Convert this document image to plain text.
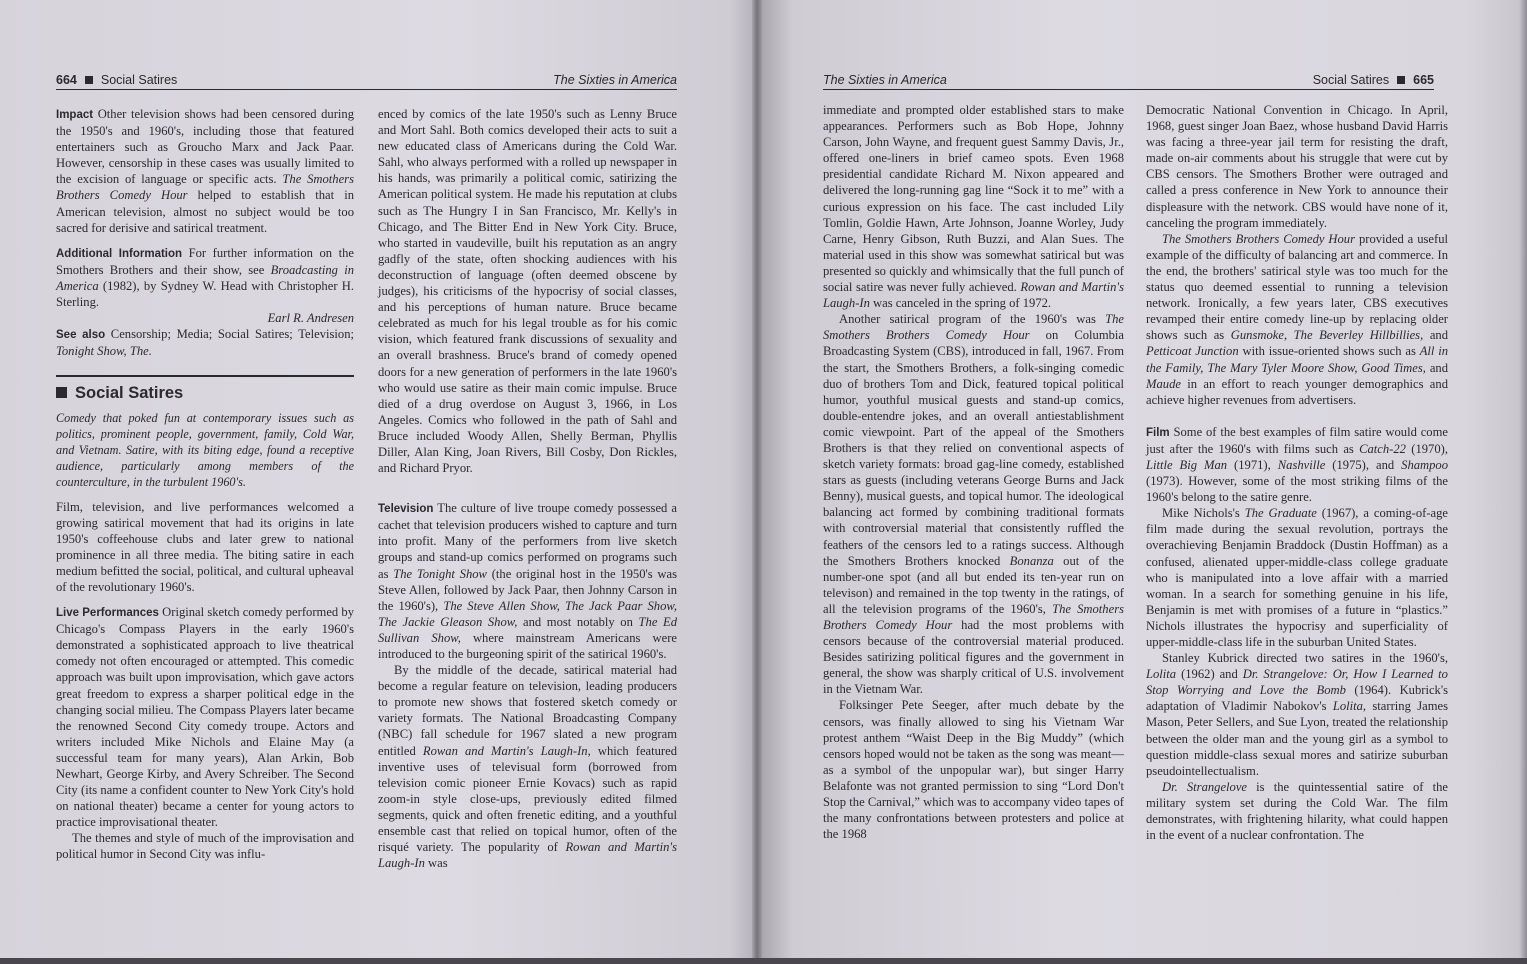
664 Social Satires	The Sixties in America

Impact Other television shows had been censored during the 1950's and 1960's, including those that featured entertainers such as Groucho Marx and Jack Paar. However, censorship in these cases was usually limited to the excision of language or specific acts. The Smothers Brothers Comedy Hour helped to establish that in American television, almost no subject would be too sacred for derisive and satirical treatment.

Additional Information For further information on the Smothers Brothers and their show, see Broadcasting in America (1982), by Sydney W. Head with Christopher H. Sterling.

Earl R. Andresen

See also Censorship; Media; Social Satires; Television; Tonight Show, The.

Social Satires

Comedy that poked fun at contemporary issues such as politics, prominent people, government, family, Cold War, and Vietnam. Satire, with its biting edge, found a receptive audience, particularly among members of the counterculture, in the turbulent 1960's.

Film, television, and live performances welcomed a growing satirical movement that had its origins in late 1950's coffeehouse clubs and later grew to national prominence in all three media. The biting satire in each medium befitted the social, political, and cultural upheaval of the revolutionary 1960's.

Live Performances Original sketch comedy performed by Chicago's Compass Players in the early 1960's demonstrated a sophisticated approach to live theatrical comedy not often encouraged or attempted. This comedic approach was built upon improvisation, which gave actors great freedom to express a sharper political edge in the changing social milieu. The Compass Players later became the renowned Second City comedy troupe. Actors and writers included Mike Nichols and Elaine May (a successful team for many years), Alan Arkin, Bob Newhart, George Kirby, and Avery Schreiber. The Second City (its name a confident counter to New York City's hold on national theater) became a center for young actors to practice improvisational theater.

The themes and style of much of the improvisation and political humor in Second City was influ-

enced by comics of the late 1950's such as Lenny Bruce and Mort Sahl. Both comics developed their acts to suit a new educated class of Americans during the Cold War. Sahl, who always performed with a rolled up newspaper in his hands, was primarily a political comic, satirizing the American political system. He made his reputation at clubs such as The Hungry I in San Francisco, Mr. Kelly's in Chicago, and The Bitter End in New York City. Bruce, who started in vaudeville, built his reputation as an angry gadfly of the state, often shocking audiences with his deconstruction of language (often deemed obscene by judges), his criticisms of the hypocrisy of social classes, and his perceptions of human nature. Bruce became celebrated as much for his legal trouble as for his comic vision, which featured frank discussions of sexuality and an overall brashness. Bruce's brand of comedy opened doors for a new generation of performers in the late 1960's who would use satire as their main comic impulse. Bruce died of a drug overdose on August 3, 1966, in Los Angeles. Comics who followed in the path of Sahl and Bruce included Woody Allen, Shelly Berman, Phyllis Diller, Alan King, Joan Rivers, Bill Cosby, Don Rickles, and Richard Pryor.

Television The culture of live troupe comedy possessed a cachet that television producers wished to capture and turn into profit. Many of the performers from live sketch groups and stand-up comics performed on programs such as The Tonight Show (the original host in the 1950's was Steve Allen, followed by Jack Paar, then Johnny Carson in the 1960's), The Steve Allen Show, The Jack Paar Show, The Jackie Gleason Show, and most notably on The Ed Sullivan Show, where mainstream Americans were introduced to the burgeoning spirit of the satirical 1960's.

By the middle of the decade, satirical material had become a regular feature on television, leading producers to promote new shows that fostered sketch comedy or variety formats. The National Broadcasting Company (NBC) fall schedule for 1967 slated a new program entitled Rowan and Martin's Laugh-In, which featured inventive uses of televisual form (borrowed from television comic pioneer Ernie Kovacs) such as rapid zoom-in style close-ups, previously edited filmed segments, quick and often frenetic editing, and a youthful ensemble cast that relied on topical humor, often of the risqué variety. The popularity of Rowan and Martin's Laugh-In was

The Sixties in America	Social Satires 665

immediate and prompted older established stars to make appearances. Performers such as Bob Hope, Johnny Carson, John Wayne, and frequent guest Sammy Davis, Jr., offered one-liners in brief cameo spots. Even 1968 presidential candidate Richard M. Nixon appeared and delivered the long-running gag line “Sock it to me” with a curious expression on his face. The cast included Lily Tomlin, Goldie Hawn, Arte Johnson, Joanne Worley, Judy Carne, Henry Gibson, Ruth Buzzi, and Alan Sues. The material used in this show was somewhat satirical but was presented so quickly and whimsically that the full punch of social satire was never fully achieved. Rowan and Martin's Laugh-In was canceled in the spring of 1972.

Another satirical program of the 1960's was The Smothers Brothers Comedy Hour on Columbia Broadcasting System (CBS), introduced in fall, 1967. From the start, the Smothers Brothers, a folk-singing comedic duo of brothers Tom and Dick, featured topical political humor, youthful musical guests and stand-up comics, double-entendre jokes, and an overall antiestablishment comic viewpoint. Part of the appeal of the Smothers Brothers is that they relied on conventional aspects of sketch variety formats: broad gag-line comedy, established stars as guests (including veterans George Burns and Jack Benny), musical guests, and topical humor. The ideological balancing act formed by combining traditional formats with controversial material that consistently ruffled the feathers of the censors led to a ratings success. Although the Smothers Brothers knocked Bonanza out of the number-one spot (and all but ended its ten-year run on televison) and remained in the top twenty in the ratings, of all the television programs of the 1960's, The Smothers Brothers Comedy Hour had the most problems with censors because of the controversial material produced. Besides satirizing political figures and the government in general, the show was sharply critical of U.S. involvement in the Vietnam War.

Folksinger Pete Seeger, after much debate by the censors, was finally allowed to sing his Vietnam War protest anthem “Waist Deep in the Big Muddy” (which censors hoped would not be taken as the song was meant—as a symbol of the unpopular war), but singer Harry Belafonte was not granted permission to sing “Lord Don't Stop the Carnival,” which was to accompany video tapes of the many confrontations between protesters and police at the 1968

Democratic National Convention in Chicago. In April, 1968, guest singer Joan Baez, whose husband David Harris was facing a three-year jail term for resisting the draft, made on-air comments about his struggle that were cut by CBS censors. The Smothers Brother were outraged and called a press conference in New York to announce their displeasure with the network. CBS would have none of it, canceling the program immediately.

The Smothers Brothers Comedy Hour provided a useful example of the difficulty of balancing art and commerce. In the end, the brothers' satirical style was too much for the status quo deemed essential to running a television network. Ironically, a few years later, CBS executives revamped their entire comedy line-up by replacing older shows such as Gunsmoke, The Beverley Hillbillies, and Petticoat Junction with issue-oriented shows such as All in the Family, The Mary Tyler Moore Show, Good Times, and Maude in an effort to reach younger demographics and achieve higher revenues from advertisers.

Film Some of the best examples of film satire would come just after the 1960's with films such as Catch-22 (1970), Little Big Man (1971), Nashville (1975), and Shampoo (1973). However, some of the most striking films of the 1960's belong to the satire genre.

Mike Nichols's The Graduate (1967), a coming-of-age film made during the sexual revolution, portrays the overachieving Benjamin Braddock (Dustin Hoffman) as a confused, alienated upper-middle-class college graduate who is manipulated into a love affair with a married woman. In a search for something genuine in his life, Benjamin is met with promises of a future in “plastics.” Nichols illustrates the hypocrisy and superficiality of upper-middle-class life in the suburban United States.

Stanley Kubrick directed two satires in the 1960's, Lolita (1962) and Dr. Strangelove: Or, How I Learned to Stop Worrying and Love the Bomb (1964). Kubrick's adaptation of Vladimir Nabokov's Lolita, starring James Mason, Peter Sellers, and Sue Lyon, treated the relationship between the older man and the young girl as a symbol to question middle-class sexual mores and satirize suburban pseudointellectualism.

Dr. Strangelove is the quintessential satire of the military system set during the Cold War. The film demonstrates, with frightening hilarity, what could happen in the event of a nuclear confrontation. The
